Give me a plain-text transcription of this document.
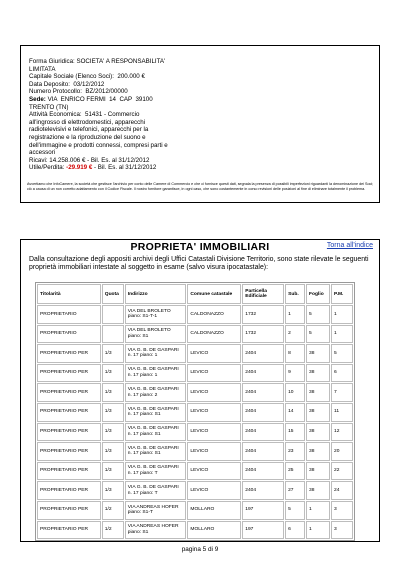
Forma Giuridica: SOCIETA' A RESPONSABILITA'
LIMITATA
Capitale Sociale (Elenco Soci):  200.000 €
Data Deposito:  03/12/2012
Numero Protocollo:  BZ/2012/00000
Sede: VIA  ENRICO FERMI  14  CAP  39100
TRENTO (TN)
Attività Economica:  51431 - Commercio
all'ingrosso di elettrodomestici, apparecchi
radiotelevisivi e telefonici, apparecchi per la
registrazione e la riproduzione del suono e
dell'immagine e prodotti connessi, compresi parti e
accessori
Ricavi: 14.258.006 € - Bil. Es. al 31/12/2012
Utile/Perdita: -29.919 € - Bil. Es. al 31/12/2012
Avvertiamo che InfoCamere, la società che gestisce l'archivio per conto delle Camere di Commercio e che ci fornisce questi dati, segnala la presenza di possibili imperfezioni riguardanti la denominazione dei Soci; ciò a causa di un non corretto adattamento con il Codice Fiscale. Il nostro fornitore garantisce, in ogni caso, che sono costantemente in corso revisioni delle posizioni al fine di eliminare totalmente il problema.
PROPRIETA' IMMOBILIARI	Torna all'indice
Dalla consultazione degli appositi archivi degli Uffici Catastali Divisione Territorio, sono state rilevate le seguenti proprietà immobiliari intestate al soggetto in esame (salvo visura ipocatastale):
Titolarità	Quota	Indirizzo	Comune catastale	Particella Edificiale	Sub.	Foglio	P.M.
PROPRIETARIO		VIA DEL BROLETO piano: S1-T-1	CALDONAZZO	1732	1	5	1
PROPRIETARIO		VIA DEL BROLETO piano: S1	CALDONAZZO	1732	2	5	1
PROPRIETARIO PER	1/3	VIA G. B. DE GASPARI n. 17 piano: 1	LEVICO	2404	8	38	5
PROPRIETARIO PER	1/3	VIA G. B. DE GASPARI n. 17 piano: 1	LEVICO	2404	9	38	6
PROPRIETARIO PER	1/3	VIA G. B. DE GASPARI n. 17 piano: 2	LEVICO	2404	10	38	7
PROPRIETARIO PER	1/3	VIA G. B. DE GASPARI n. 17 piano: S1	LEVICO	2404	14	38	11
PROPRIETARIO PER	1/3	VIA G. B. DE GASPARI n. 17 piano: S1	LEVICO	2404	15	38	12
PROPRIETARIO PER	1/3	VIA G. B. DE GASPARI n. 17 piano: S1	LEVICO	2404	23	38	20
PROPRIETARIO PER	1/3	VIA G. B. DE GASPARI n. 17 piano: T	LEVICO	2404	25	38	22
PROPRIETARIO PER	1/3	VIA G. B. DE GASPARI n. 17 piano: T	LEVICO	2404	27	38	24
PROPRIETARIO PER	1/2	VIA ANDREAS HOFER piano: S1-T	MOLLARO	197	5	1	3
PROPRIETARIO PER	1/2	VIA ANDREAS HOFER piano: S1	MOLLARO	197	6	1	3
pagina 5 di 9
